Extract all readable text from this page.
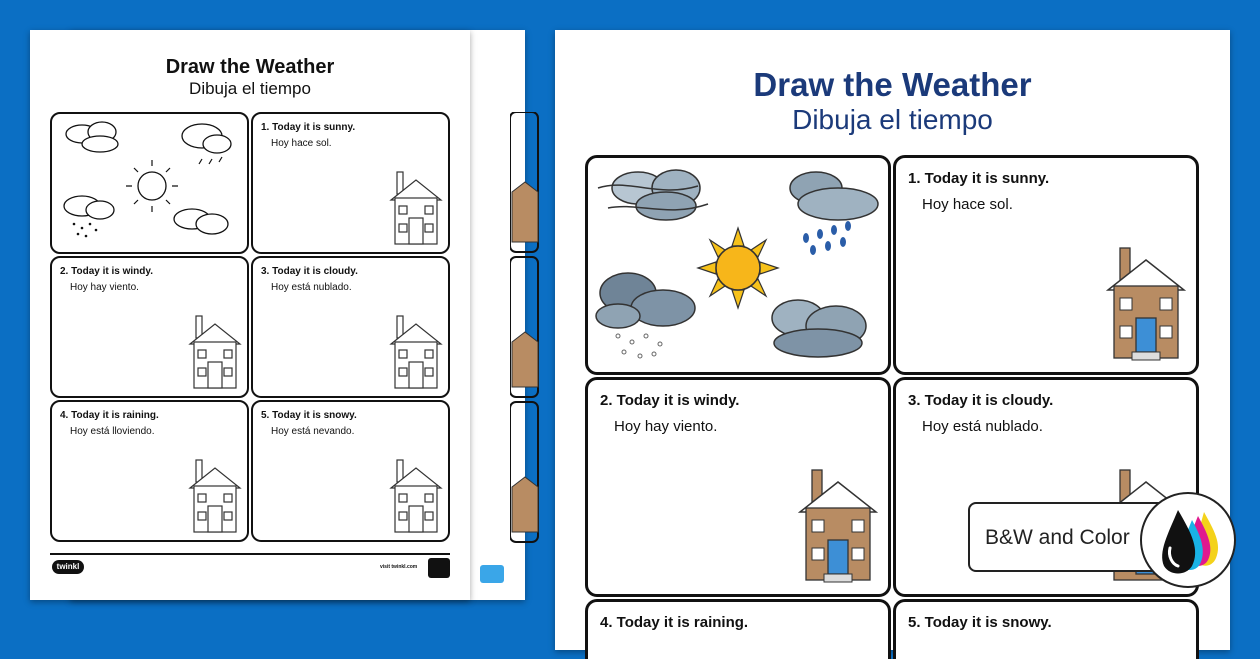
Draw the Weather
Dibuja el tiempo
1. Today it is sunny.
Hoy hace sol.
2. Today it is windy.
Hoy hay viento.
3. Today it is cloudy.
Hoy está nublado.
4. Today it is raining.
Hoy está lloviendo.
5. Today it is snowy.
Hoy está nevando.
twinkl	visit twinkl.com
Draw the Weather
Dibuja el tiempo
1. Today it is sunny.
Hoy hace sol.
2. Today it is windy.
Hoy hay viento.
3. Today it is cloudy.
Hoy está nublado.
4. Today it is raining.	5. Today it is snowy.
B&W and Color
